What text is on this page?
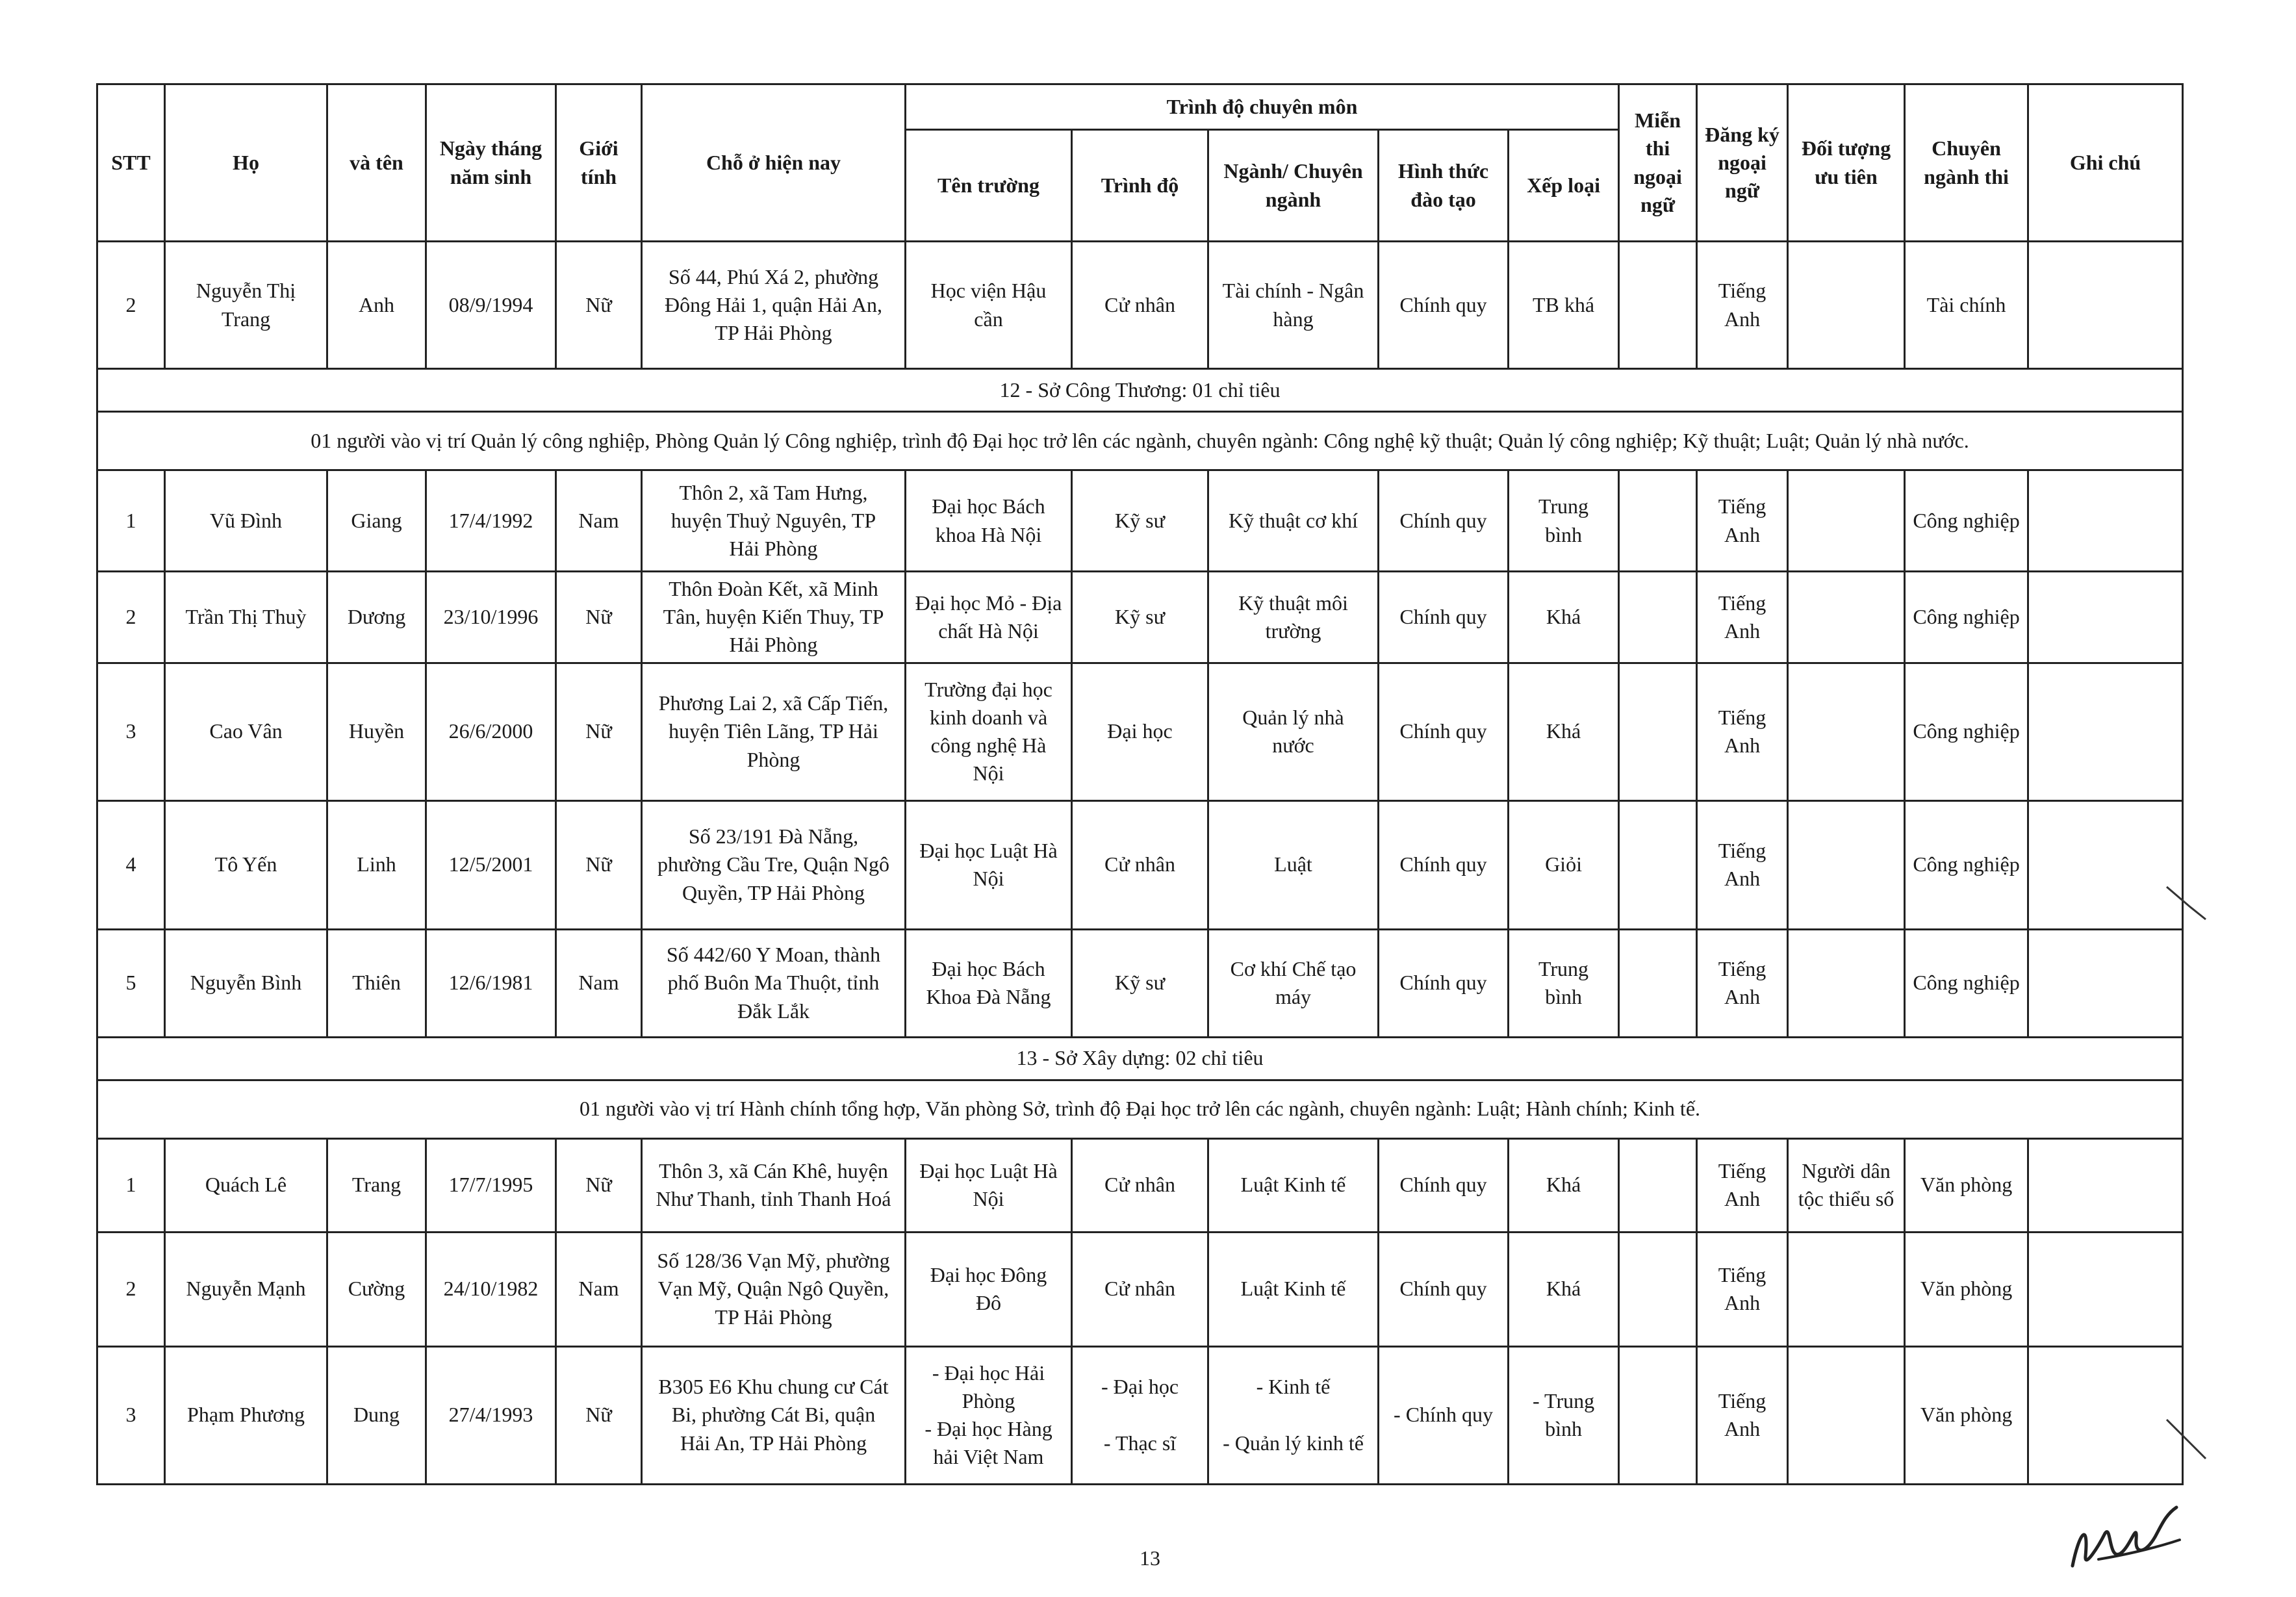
STT	Họ	và tên	Ngày tháng
năm sinh	Giới
tính	Chỗ ở hiện nay	Trình độ chuyên môn					Miễn
thi
ngoại
ngữ	Đăng ký
ngoại
ngữ	Đối tượng
ưu tiên	Chuyên
ngành thi	Ghi chú
						Tên trường	Trình độ	Ngành/ Chuyên
ngành	Hình thức
đào tạo	Xếp loại					
2	Nguyễn Thị
Trang	Anh	08/9/1994	Nữ	Số 44, Phú Xá 2, phường
Đông Hải 1, quận Hải An,
TP Hải Phòng	Học viện Hậu
cần	Cử nhân	Tài chính - Ngân
hàng	Chính quy	TB khá		Tiếng
Anh		Tài chính	
12 - Sở Công Thương: 01 chỉ tiêu															
01 người vào vị trí Quản lý công nghiệp, Phòng Quản lý Công nghiệp, trình độ Đại học trở lên các ngành, chuyên ngành: Công nghệ kỹ thuật; Quản lý công nghiệp; Kỹ thuật; Luật; Quản lý nhà nước.															
1	Vũ Đình	Giang	17/4/1992	Nam	Thôn 2, xã Tam Hưng,
huyện Thuỷ Nguyên, TP
Hải Phòng	Đại học Bách
khoa Hà Nội	Kỹ sư	Kỹ thuật cơ khí	Chính quy	Trung
bình		Tiếng
Anh		Công nghiệp	
2	Trần Thị Thuỳ	Dương	23/10/1996	Nữ	Thôn Đoàn Kết, xã Minh
Tân, huyện Kiến Thuy, TP
Hải Phòng	Đại học Mỏ - Địa
chất Hà Nội	Kỹ sư	Kỹ thuật môi
trường	Chính quy	Khá		Tiếng
Anh		Công nghiệp	
3	Cao Vân	Huyền	26/6/2000	Nữ	Phương Lai 2, xã Cấp Tiến,
huyện Tiên Lãng, TP Hải
Phòng	Trường đại học
kinh doanh và
công nghệ Hà
Nội	Đại học	Quản lý nhà
nước	Chính quy	Khá		Tiếng
Anh		Công nghiệp	
4	Tô Yến	Linh	12/5/2001	Nữ	Số 23/191 Đà Nẵng,
phường Cầu Tre, Quận Ngô
Quyền, TP Hải Phòng	Đại học Luật Hà
Nội	Cử nhân	Luật	Chính quy	Giỏi		Tiếng
Anh		Công nghiệp	
5	Nguyễn Bình	Thiên	12/6/1981	Nam	Số 442/60 Y Moan, thành
phố Buôn Ma Thuột, tỉnh
Đắk Lắk	Đại học Bách
Khoa Đà Nẵng	Kỹ sư	Cơ khí Chế tạo
máy	Chính quy	Trung
bình		Tiếng
Anh		Công nghiệp	
13 - Sở Xây dựng: 02 chỉ tiêu															
01 người vào vị trí Hành chính tổng hợp, Văn phòng Sở, trình độ Đại học trở lên các ngành, chuyên ngành: Luật; Hành chính; Kinh tế.															
1	Quách Lê	Trang	17/7/1995	Nữ	Thôn 3, xã Cán Khê, huyện
Như Thanh, tỉnh Thanh Hoá	Đại học Luật Hà
Nội	Cử nhân	Luật Kinh tế	Chính quy	Khá		Tiếng
Anh	Người dân
tộc thiểu số	Văn phòng	
2	Nguyễn Mạnh	Cường	24/10/1982	Nam	Số 128/36 Vạn Mỹ, phường
Vạn Mỹ, Quận Ngô Quyền,
TP Hải Phòng	Đại học Đông
Đô	Cử nhân	Luật Kinh tế	Chính quy	Khá		Tiếng
Anh		Văn phòng	
3	Phạm Phương	Dung	27/4/1993	Nữ	B305 E6 Khu chung cư Cát
Bi, phường Cát Bi, quận
Hải An, TP Hải Phòng	- Đại học Hải
Phòng
- Đại học Hàng
hải Việt Nam	- Đại học

- Thạc sĩ	- Kinh tế

- Quản lý kinh tế	- Chính quy	- Trung
bình		Tiếng
Anh		Văn phòng	
13
